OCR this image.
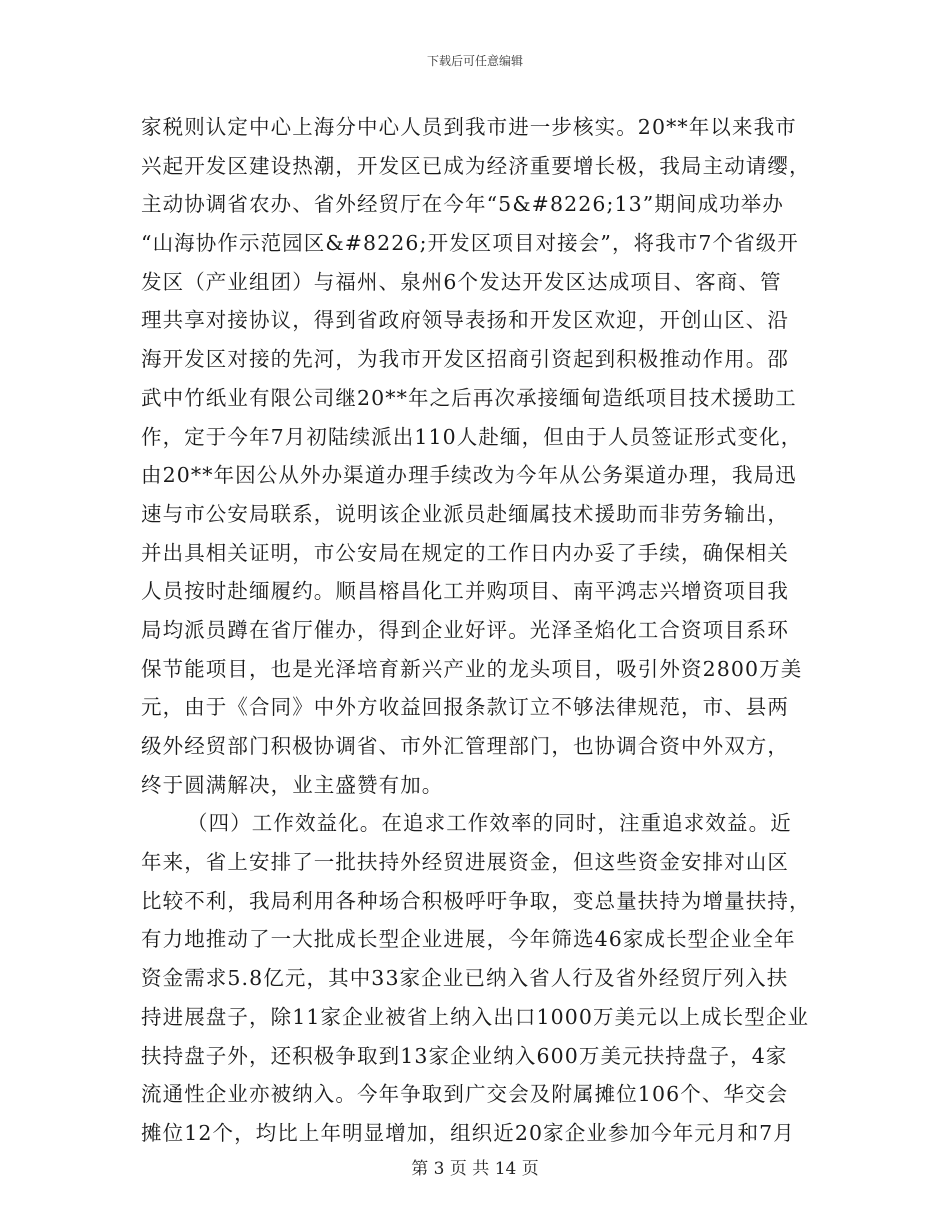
下载后可任意编辑
家税则认定中心上海分中心人员到我市进一步核实。20**年以来我市
兴起开发区建设热潮，开发区已成为经济重要增长极，我局主动请缨，
主动协调省农办、省外经贸厅在今年“5&#8226;13”期间成功举办
“山海协作示范园区&#8226;开发区项目对接会”，将我市7个省级开
发区（产业组团）与福州、泉州6个发达开发区达成项目、客商、管
理共享对接协议，得到省政府领导表扬和开发区欢迎，开创山区、沿
海开发区对接的先河，为我市开发区招商引资起到积极推动作用。邵
武中竹纸业有限公司继20**年之后再次承接缅甸造纸项目技术援助工
作，定于今年7月初陆续派出110人赴缅，但由于人员签证形式变化，
由20**年因公从外办渠道办理手续改为今年从公务渠道办理，我局迅
速与市公安局联系，说明该企业派员赴缅属技术援助而非劳务输出，
并出具相关证明，市公安局在规定的工作日内办妥了手续，确保相关
人员按时赴缅履约。顺昌榕昌化工并购项目、南平鸿志兴增资项目我
局均派员蹲在省厅催办，得到企业好评。光泽圣焰化工合资项目系环
保节能项目，也是光泽培育新兴产业的龙头项目，吸引外资2800万美
元，由于《合同》中外方收益回报条款订立不够法律规范，市、县两
级外经贸部门积极协调省、市外汇管理部门，也协调合资中外双方，
终于圆满解决，业主盛赞有加。
（四）工作效益化。在追求工作效率的同时，注重追求效益。近
年来，省上安排了一批扶持外经贸进展资金，但这些资金安排对山区
比较不利，我局利用各种场合积极呼吁争取，变总量扶持为增量扶持，
有力地推动了一大批成长型企业进展，今年筛选46家成长型企业全年
资金需求5.8亿元，其中33家企业已纳入省人行及省外经贸厅列入扶
持进展盘子，除11家企业被省上纳入出口1000万美元以上成长型企业
扶持盘子外，还积极争取到13家企业纳入600万美元扶持盘子，4家
流通性企业亦被纳入。今年争取到广交会及附属摊位106个、华交会
摊位12个，均比上年明显增加，组织近20家企业参加今年元月和7月
第 3 页 共 14 页
